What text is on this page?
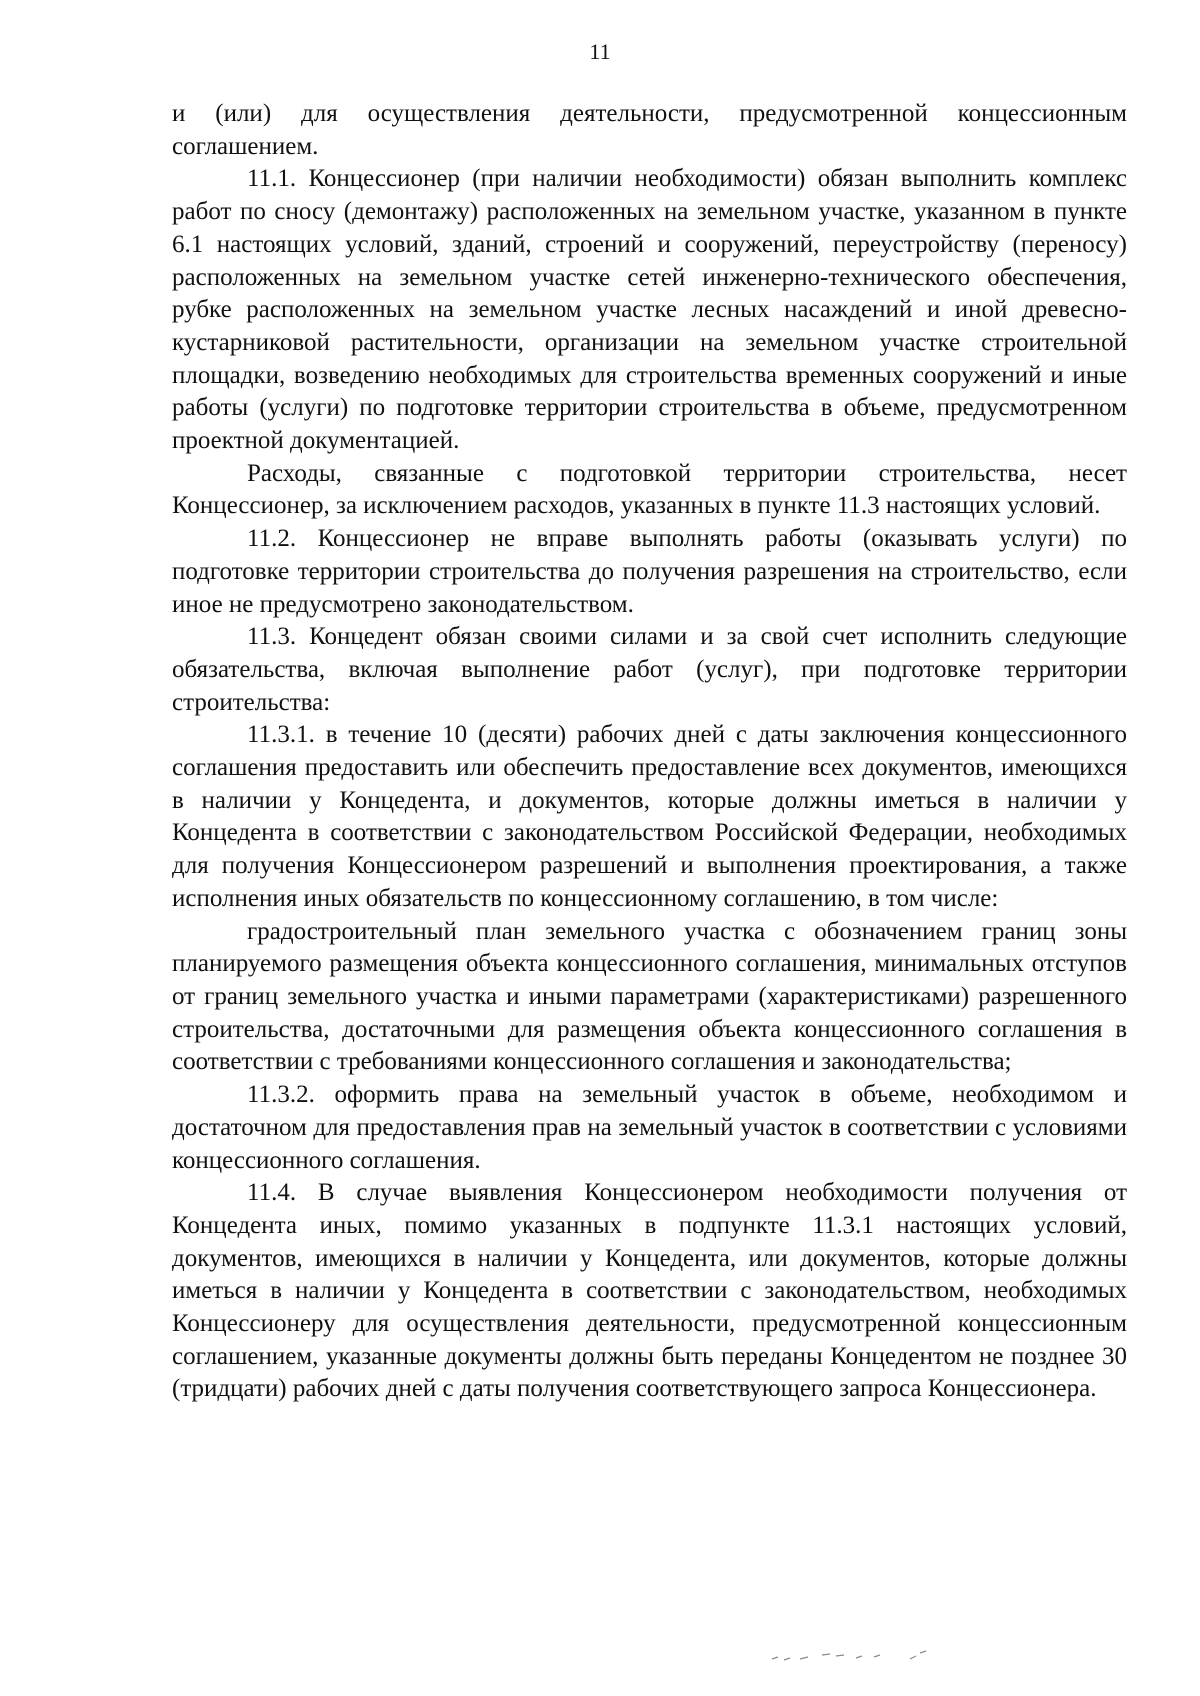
11

и (или) для осуществления деятельности, предусмотренной концессионным соглашением.

11.1. Концессионер (при наличии необходимости) обязан выполнить комплекс работ по сносу (демонтажу) расположенных на земельном участке, указанном в пункте 6.1 настоящих условий, зданий, строений и сооружений, переустройству (переносу) расположенных на земельном участке сетей инженерно-технического обеспечения, рубке расположенных на земельном участке лесных насаждений и иной древесно-кустарниковой растительности, организации на земельном участке строительной площадки, возведению необходимых для строительства временных сооружений и иные работы (услуги) по подготовке территории строительства в объеме, предусмотренном проектной документацией.

Расходы, связанные с подготовкой территории строительства, несет Концессионер, за исключением расходов, указанных в пункте 11.3 настоящих условий.

11.2. Концессионер не вправе выполнять работы (оказывать услуги) по подготовке территории строительства до получения разрешения на строительство, если иное не предусмотрено законодательством.

11.3. Концедент обязан своими силами и за свой счет исполнить следующие обязательства, включая выполнение работ (услуг), при подготовке территории строительства:

11.3.1. в течение 10 (десяти) рабочих дней с даты заключения концессионного соглашения предоставить или обеспечить предоставление всех документов, имеющихся в наличии у Концедента, и документов, которые должны иметься в наличии у Концедента в соответствии с законодательством Российской Федерации, необходимых для получения Концессионером разрешений и выполнения проектирования, а также исполнения иных обязательств по концессионному соглашению, в том числе:

градостроительный план земельного участка с обозначением границ зоны планируемого размещения объекта концессионного соглашения, минимальных отступов от границ земельного участка и иными параметрами (характеристиками) разрешенного строительства, достаточными для размещения объекта концессионного соглашения в соответствии с требованиями концессионного соглашения и законодательства;

11.3.2. оформить права на земельный участок в объеме, необходимом и достаточном для предоставления прав на земельный участок в соответствии с условиями концессионного соглашения.

11.4. В случае выявления Концессионером необходимости получения от Концедента иных, помимо указанных в подпункте 11.3.1 настоящих условий, документов, имеющихся в наличии у Концедента, или документов, которые должны иметься в наличии у Концедента в соответствии с законодательством, необходимых Концессионеру для осуществления деятельности, предусмотренной концессионным соглашением, указанные документы должны быть переданы Концедентом не позднее 30 (тридцати) рабочих дней с даты получения соответствующего запроса Концессионера.
